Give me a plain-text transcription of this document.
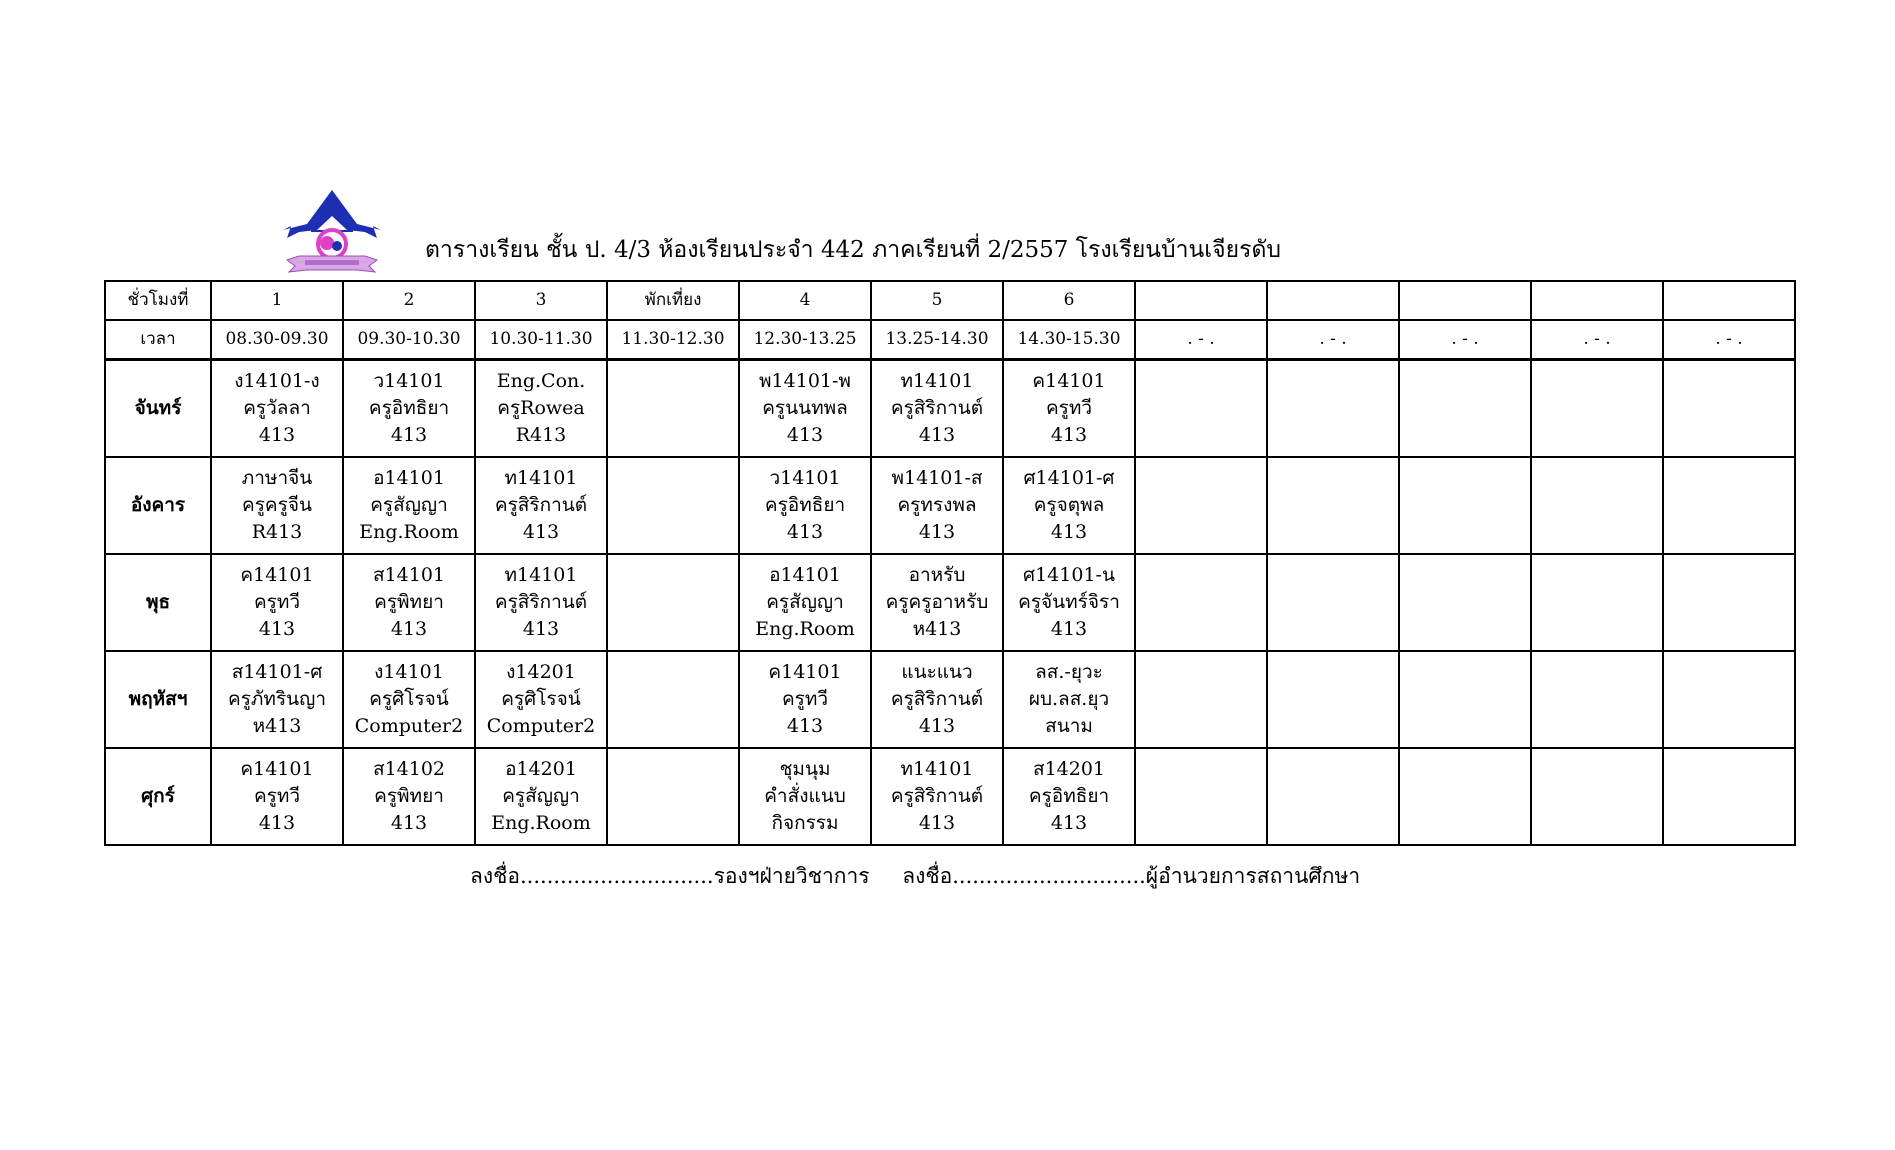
ตารางเรียน ชั้น ป. 4/3 ห้องเรียนประจำ 442 ภาคเรียนที่ 2/2557 โรงเรียนบ้านเจียรดับ
ชั่วโมงที่	1	2	3	พักเที่ยง	4	5	6					
เวลา	08.30-09.30	09.30-10.30	10.30-11.30	11.30-12.30	12.30-13.25	13.25-14.30	14.30-15.30	. - .	. - .	. - .	. - .	. - .
จันทร์	ง14101-ง
ครูวัลลา
413	ว14101
ครูอิทธิยา
413	Eng.Con.
ครูRowea
R413		พ14101-พ
ครูนนทพล
413	ท14101
ครูสิริกานต์
413	ค14101
ครูทวี
413					

อังคาร	ภาษาจีน
ครูครูจีน
R413	อ14101
ครูสัญญา
Eng.Room	ท14101
ครูสิริกานต์
413		ว14101
ครูอิทธิยา
413	พ14101-ส
ครูทรงพล
413	ศ14101-ศ
ครูจตุพล
413					

พุธ	ค14101
ครูทวี
413	ส14101
ครูพิทยา
413	ท14101
ครูสิริกานต์
413		อ14101
ครูสัญญา
Eng.Room	อาหรับ
ครูครูอาหรับ
ห413	ศ14101-น
ครูจันทร์จิรา
413					

พฤหัสฯ	ส14101-ศ
ครูภัทรินญา
ห413	ง14101
ครูศิโรจน์
Computer2	ง14201
ครูศิโรจน์
Computer2		ค14101
ครูทวี
413	แนะแนว
ครูสิริกานต์
413	ลส.-ยุวะ
ผบ.ลส.ยุว
สนาม					

ศุกร์	ค14101
ครูทวี
413	ส14102
ครูพิทยา
413	อ14201
ครูสัญญา
Eng.Room		ชุมนุม
คำสั่งแนบ
กิจกรรม	ท14101
ครูสิริกานต์
413	ส14201
ครูอิทธิยา
413					

ลงชื่อ.............................รองฯฝ่ายวิชาการ ลงชื่อ.............................ผู้อำนวยการสถานศึกษา
